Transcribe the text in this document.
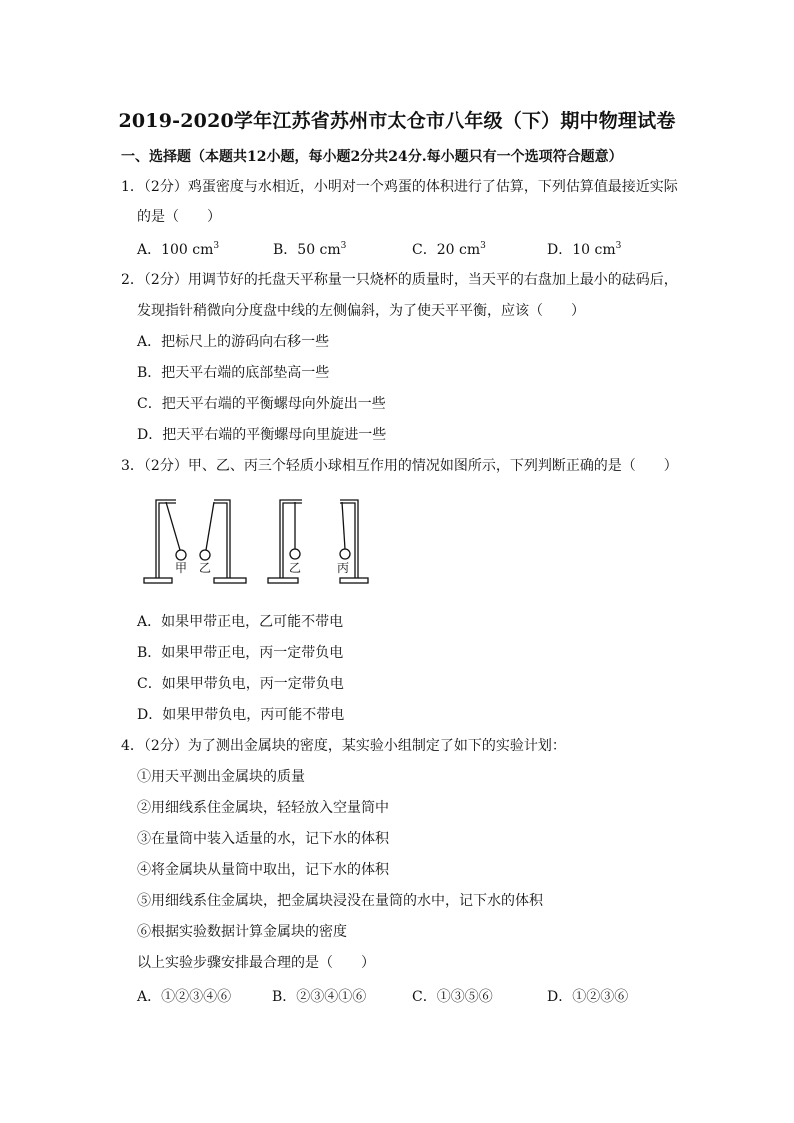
2019-2020学年江苏省苏州市太仓市八年级（下）期中物理试卷
一、选择题（本题共12小题，每小题2分共24分.每小题只有一个选项符合题意）
1．（2分）鸡蛋密度与水相近，小明对一个鸡蛋的体积进行了估算，下列估算值最接近实际
的是（　　）
A．100 $cm^3$	B．50 $cm^3$	C．20 $cm^3$	D．10 $cm^3$
2．（2分）用调节好的托盘天平称量一只烧杯的质量时，当天平的右盘加上最小的砝码后，
发现指针稍微向分度盘中线的左侧偏斜，为了使天平平衡，应该（　　）
A．把标尺上的游码向右移一些
B．把天平右端的底部垫高一些
C．把天平右端的平衡螺母向外旋出一些
D．把天平右端的平衡螺母向里旋进一些
3．（2分）甲、乙、丙三个轻质小球相互作用的情况如图所示，下列判断正确的是（　　）
甲 乙	乙	丙
A．如果甲带正电，乙可能不带电
B．如果甲带正电，丙一定带负电
C．如果甲带负电，丙一定带负电
D．如果甲带负电，丙可能不带电
4．（2分）为了测出金属块的密度，某实验小组制定了如下的实验计划：
①用天平测出金属块的质量
②用细线系住金属块，轻轻放入空量筒中
③在量筒中装入适量的水，记下水的体积
④将金属块从量筒中取出，记下水的体积
⑤用细线系住金属块，把金属块浸没在量筒的水中，记下水的体积
⑥根据实验数据计算金属块的密度
以上实验步骤安排最合理的是（　　）
A．①②③④⑥	B．②③④①⑥	C．①③⑤⑥	D．①②③⑥
